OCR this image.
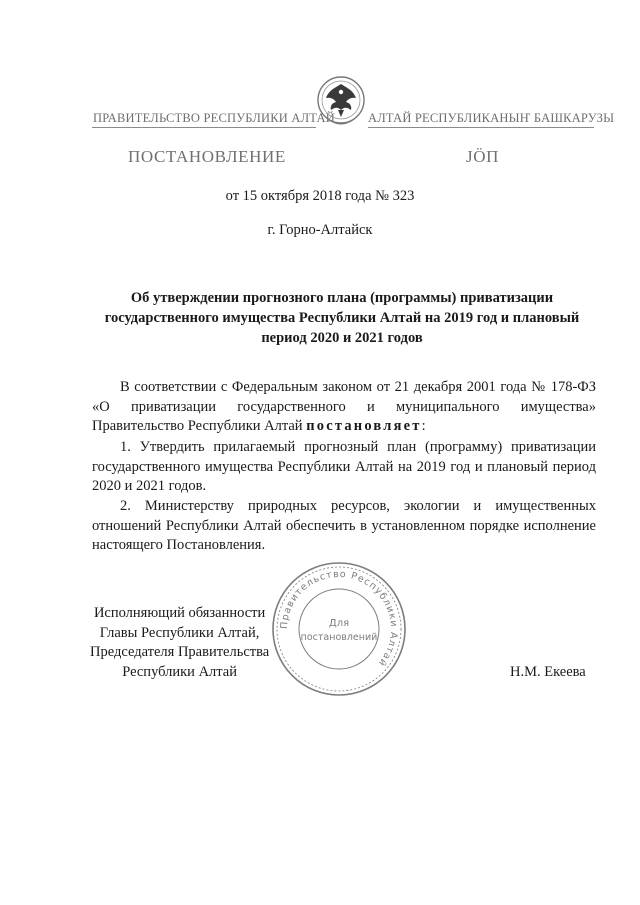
ПРАВИТЕЛЬСТВО РЕСПУБЛИКИ АЛТАЙ	АЛТАЙ РЕСПУБЛИКАНЫҤ БАШКАРУЗЫ
ПОСТАНОВЛЕНИЕ	ЈÖП
от 15 октября 2018 года № 323
г. Горно-Алтайск
Об утверждении прогнозного плана (программы) приватизации государственного имущества Республики Алтай на 2019 год и плановый период 2020 и 2021 годов
В соответствии с Федеральным законом от 21 декабря 2001 года № 178-ФЗ «О приватизации государственного и муниципального имущества» Правительство Республики Алтай постановляет:
1. Утвердить прилагаемый прогнозный план (программу) приватизации государственного имущества Республики Алтай на 2019 год и плановый период 2020 и 2021 годов.
2. Министерству природных ресурсов, экологии и имущественных отношений Республики Алтай обеспечить в установленном порядке исполнение настоящего Постановления.
Правительство Республики Алтай
Для
постановлений
Исполняющий обязанности
Главы Республики Алтай,
Председателя Правительства
Республики Алтай	Н.М. Екеева
